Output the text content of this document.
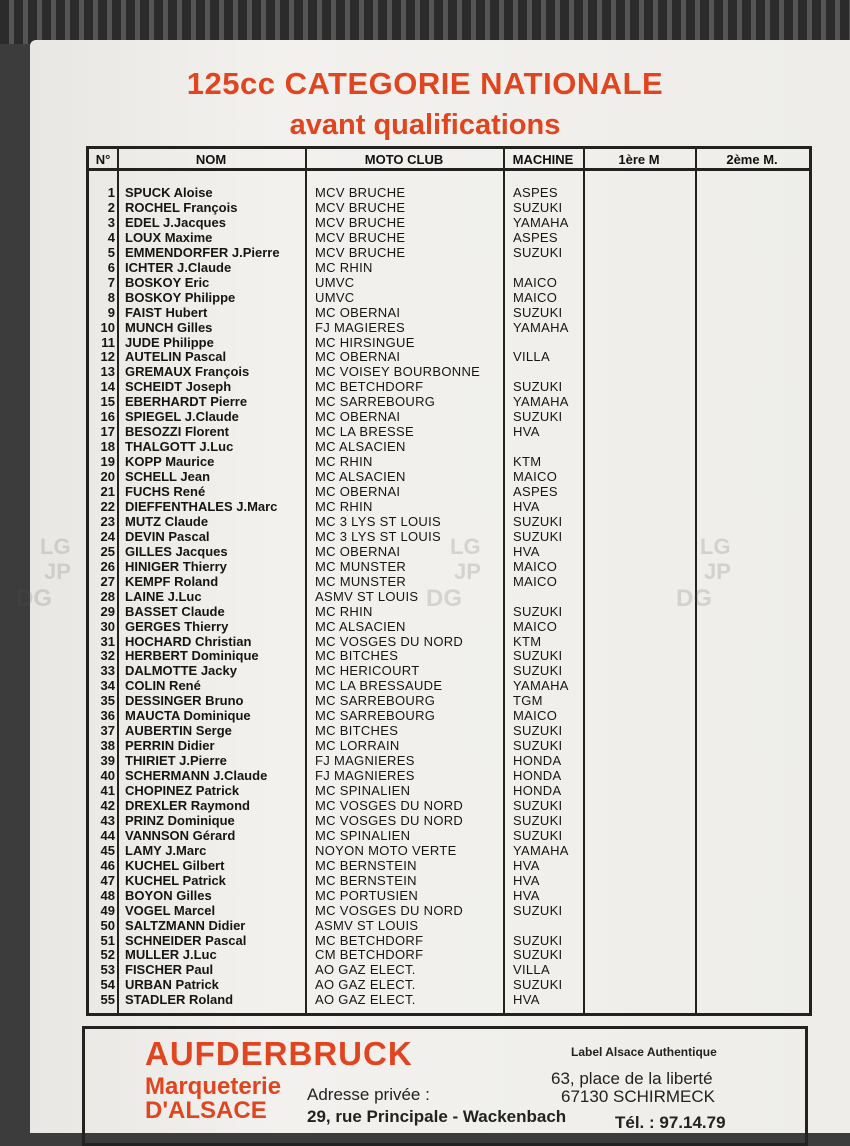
125cc CATEGORIE NATIONALE
avant qualifications
N°	NOM	MOTO CLUB	MACHINE	1ère M	2ème M.
1 SPUCK Aloise	MCV BRUCHE	ASPES
2 ROCHEL François	MCV BRUCHE	SUZUKI
3 EDEL J.Jacques	MCV BRUCHE	YAMAHA
4 LOUX Maxime	MCV BRUCHE	ASPES
5 EMMENDORFER J.Pierre	MCV BRUCHE	SUZUKI
6 ICHTER J.Claude	MC RHIN
7 BOSKOY Eric	UMVC	MAICO
8 BOSKOY Philippe	UMVC	MAICO
9 FAIST Hubert	MC OBERNAI	SUZUKI
10 MUNCH Gilles	FJ MAGIERES	YAMAHA
11 JUDE Philippe	MC HIRSINGUE
12 AUTELIN Pascal	MC OBERNAI	VILLA
13 GREMAUX François	MC VOISEY BOURBONNE
14 SCHEIDT Joseph	MC BETCHDORF	SUZUKI
15 EBERHARDT Pierre	MC SARREBOURG	YAMAHA
16 SPIEGEL J.Claude	MC OBERNAI	SUZUKI
17 BESOZZI Florent	MC LA BRESSE	HVA
18 THALGOTT J.Luc	MC ALSACIEN
19 KOPP Maurice	MC RHIN	KTM
20 SCHELL Jean	MC ALSACIEN	MAICO
21 FUCHS René	MC OBERNAI	ASPES
22 DIEFFENTHALES J.Marc	MC RHIN	HVA
23 MUTZ Claude	MC 3 LYS ST LOUIS	SUZUKI
24 DEVIN Pascal	MC 3 LYS ST LOUIS	SUZUKI
25 GILLES Jacques	MC OBERNAI	HVA
26 HINIGER Thierry	MC MUNSTER	MAICO
27 KEMPF Roland	MC MUNSTER	MAICO
28 LAINE J.Luc	ASMV ST LOUIS
29 BASSET Claude	MC RHIN	SUZUKI
30 GERGES Thierry	MC ALSACIEN	MAICO
31 HOCHARD Christian	MC VOSGES DU NORD	KTM
32 HERBERT Dominique	MC BITCHES	SUZUKI
33 DALMOTTE Jacky	MC HERICOURT	SUZUKI
34 COLIN René	MC LA BRESSAUDE	YAMAHA
35 DESSINGER Bruno	MC SARREBOURG	TGM
36 MAUCTA Dominique	MC SARREBOURG	MAICO
37 AUBERTIN Serge	MC BITCHES	SUZUKI
38 PERRIN Didier	MC LORRAIN	SUZUKI
39 THIRIET J.Pierre	FJ MAGNIERES	HONDA
40 SCHERMANN J.Claude	FJ MAGNIERES	HONDA
41 CHOPINEZ Patrick	MC SPINALIEN	HONDA
42 DREXLER Raymond	MC VOSGES DU NORD	SUZUKI
43 PRINZ Dominique	MC VOSGES DU NORD	SUZUKI
44 VANNSON Gérard	MC SPINALIEN	SUZUKI
45 LAMY J.Marc	NOYON MOTO VERTE	YAMAHA
46 KUCHEL Gilbert	MC BERNSTEIN	HVA
47 KUCHEL Patrick	MC BERNSTEIN	HVA
48 BOYON Gilles	MC PORTUSIEN	HVA
49 VOGEL Marcel	MC VOSGES DU NORD	SUZUKI
50 SALTZMANN Didier	ASMV ST LOUIS
51 SCHNEIDER Pascal	MC BETCHDORF	SUZUKI
52 MULLER J.Luc	CM BETCHDORF	SUZUKI
53 FISCHER Paul	AO GAZ ELECT.	VILLA
54 URBAN Patrick	AO GAZ ELECT.	SUZUKI
55 STADLER Roland	AO GAZ ELECT.	HVA
LG
JP
DG
LG
JP
DG
LG
JP
DG
AUFDERBRUCK
Marqueterie
D'ALSACE
Label Alsace Authentique
63, place de la liberté
67130 SCHIRMECK
Adresse privée :
29, rue Principale - Wackenbach	Tél. : 97.14.79
